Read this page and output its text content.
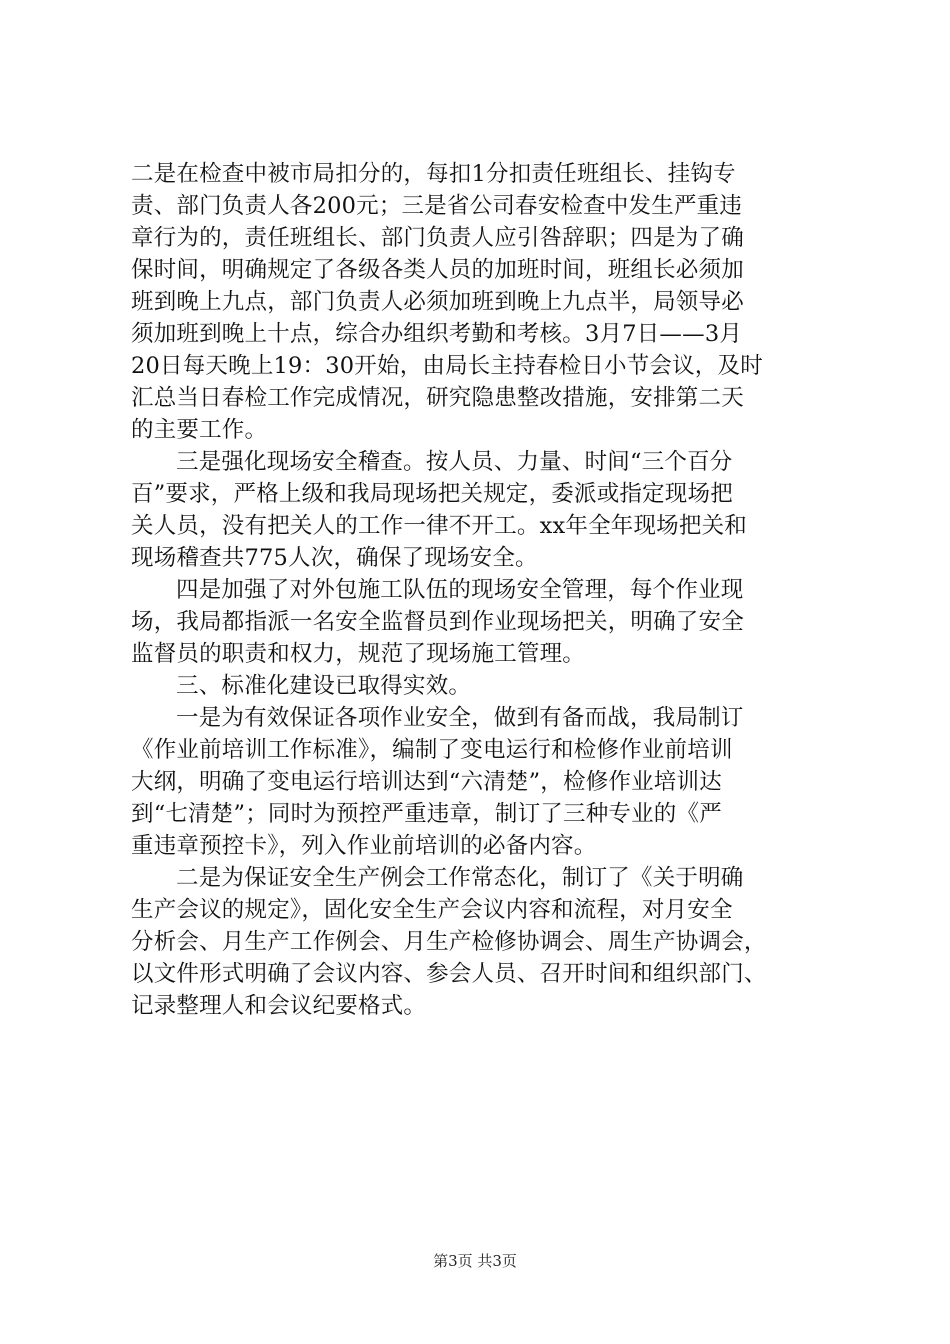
二是在检查中被市局扣分的，每扣1分扣责任班组长、挂钩专
责、部门负责人各200元；三是省公司春安检查中发生严重违
章行为的，责任班组长、部门负责人应引咎辞职；四是为了确
保时间，明确规定了各级各类人员的加班时间，班组长必须加
班到晚上九点，部门负责人必须加班到晚上九点半，局领导必
须加班到晚上十点，综合办组织考勤和考核。3月7日——3月
20日每天晚上19：30开始，由局长主持春检日小节会议，及时
汇总当日春检工作完成情况，研究隐患整改措施，安排第二天
的主要工作。
三是强化现场安全稽查。按人员、力量、时间“三个百分
百”要求，严格上级和我局现场把关规定，委派或指定现场把
关人员，没有把关人的工作一律不开工。xx年全年现场把关和
现场稽查共775人次，确保了现场安全。
四是加强了对外包施工队伍的现场安全管理，每个作业现
场，我局都指派一名安全监督员到作业现场把关，明确了安全
监督员的职责和权力，规范了现场施工管理。
三、标准化建设已取得实效。
一是为有效保证各项作业安全，做到有备而战，我局制订
《作业前培训工作标准》，编制了变电运行和检修作业前培训
大纲，明确了变电运行培训达到“六清楚”，检修作业培训达
到“七清楚”；同时为预控严重违章，制订了三种专业的《严
重违章预控卡》，列入作业前培训的必备内容。
二是为保证安全生产例会工作常态化，制订了《关于明确
生产会议的规定》，固化安全生产会议内容和流程，对月安全
分析会、月生产工作例会、月生产检修协调会、周生产协调会，
以文件形式明确了会议内容、参会人员、召开时间和组织部门、
记录整理人和会议纪要格式。
第3页 共3页
